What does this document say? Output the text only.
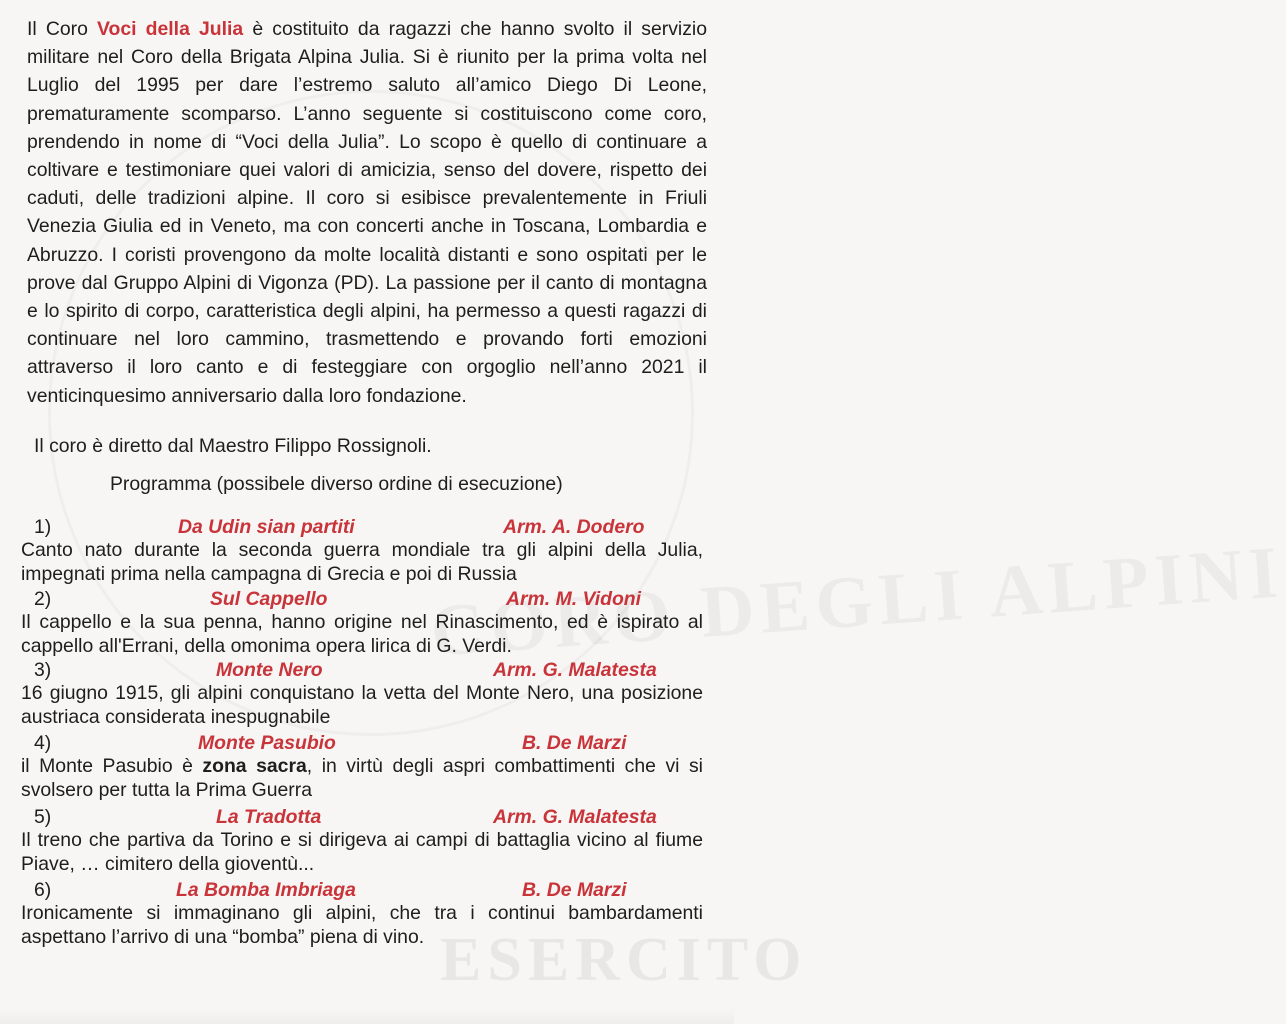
ESERCITO

Il Coro Voci della Julia è costituito da ragazzi che hanno svolto il servizio militare nel Coro della Brigata Alpina Julia. Si è riunito per la prima volta nel Luglio del 1995 per dare l’estremo saluto all’amico Diego Di Leone, prematuramente scomparso. L’anno seguente si costituiscono come coro, prendendo in nome di “Voci della Julia”. Lo scopo è quello di continuare a coltivare e testimoniare quei valori di amicizia, senso del dovere, rispetto dei caduti, delle tradizioni alpine. Il coro si esibisce prevalentemente in Friuli Venezia Giulia ed in Veneto, ma con concerti anche in Toscana, Lombardia e Abruzzo. I coristi provengono da molte località distanti e sono ospitati per le prove dal Gruppo Alpini di Vigonza (PD). La passione per il canto di montagna e lo spirito di corpo, caratteristica degli alpini, ha permesso a questi ragazzi di continuare nel loro cammino, trasmettendo e provando forti emozioni attraverso il loro canto e di festeggiare con orgoglio nell’anno 2021 il venticinquesimo anniversario dalla loro fondazione.

Il coro è diretto dal Maestro Filippo Rossignoli.
Programma (possibele diverso ordine di esecuzione)
1)	Da Udin sian partiti	Arm. A. Dodero
Canto nato durante la seconda guerra mondiale tra gli alpini della Julia, impegnati prima nella campagna di Grecia e poi di Russia
2)	Sul Cappello	Arm. M. Vidoni
Il cappello e la sua penna, hanno origine nel Rinascimento, ed è ispirato al cappello all'Errani, della omonima opera lirica di G. Verdi.
3)	Monte Nero	Arm. G. Malatesta
16 giugno 1915, gli alpini conquistano la vetta del Monte Nero, una posizione austriaca considerata inespugnabile
4)	Monte Pasubio	B. De Marzi
il Monte Pasubio è zona sacra, in virtù degli aspri combattimenti che vi si svolsero per tutta la Prima Guerra
5)	La Tradotta	Arm. G. Malatesta
Il treno che partiva da Torino e si dirigeva ai campi di battaglia vicino al fiume Piave, … cimitero della gioventù...
6)	La Bomba Imbriaga	B. De Marzi
Ironicamente si immaginano gli alpini, che tra i continui bambardamenti aspettano l’arrivo di una “bomba” piena di vino.
